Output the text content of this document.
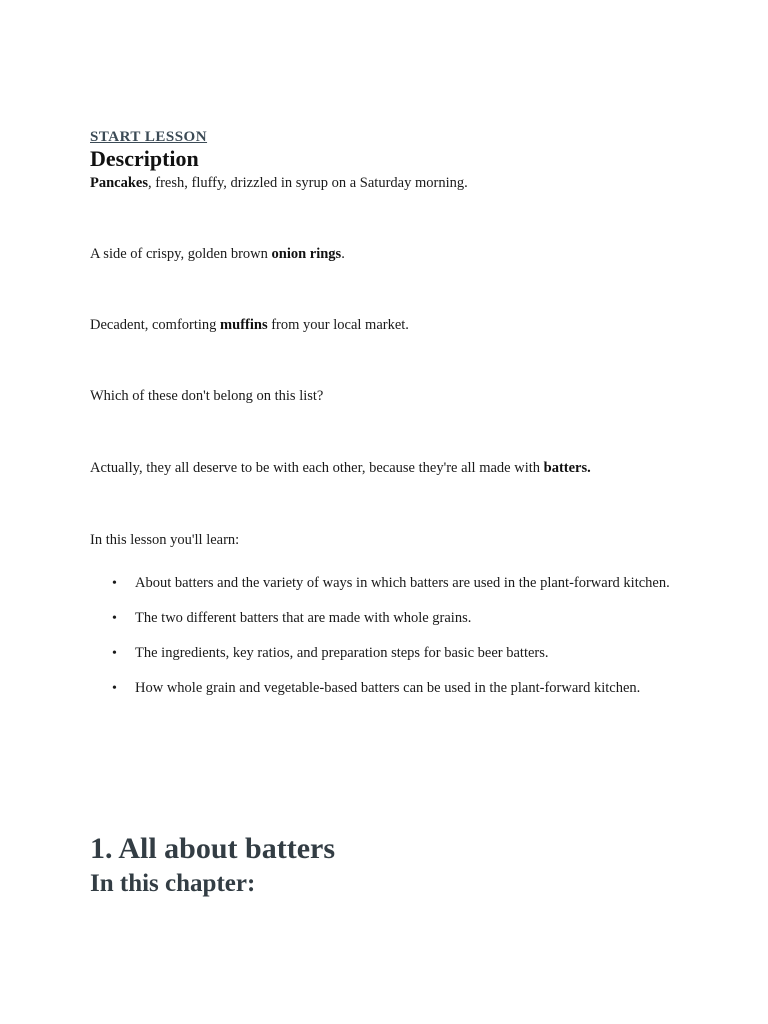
START LESSON
Description

Pancakes, fresh, fluffy, drizzled in syrup on a Saturday morning.

A side of crispy, golden brown onion rings.

Decadent, comforting muffins from your local market.

Which of these don't belong on this list?

Actually, they all deserve to be with each other, because they're all made with batters.

In this lesson you'll learn:

• About batters and the variety of ways in which batters are used in the plant-forward kitchen.
• The two different batters that are made with whole grains.
• The ingredients, key ratios, and preparation steps for basic beer batters.
• How whole grain and vegetable-based batters can be used in the plant-forward kitchen.
1. All about batters
In this chapter:
